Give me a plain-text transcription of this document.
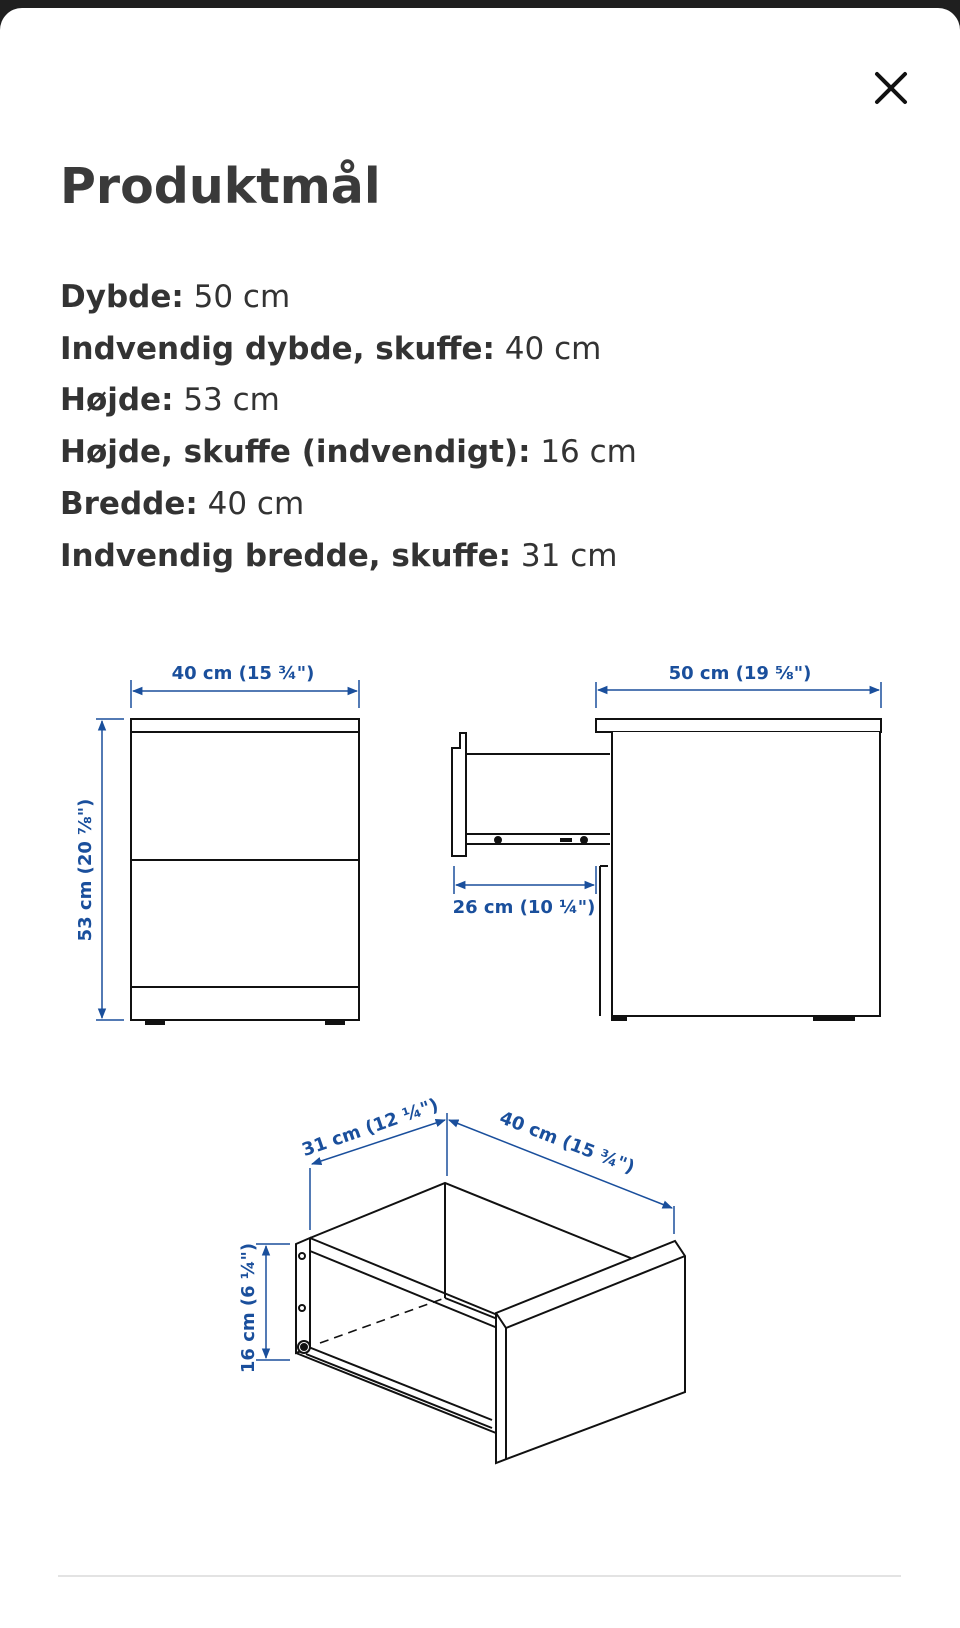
Produktmål
Dybde: 50 cm
Indvendig dybde, skuffe: 40 cm
Højde: 53 cm
Højde, skuffe (indvendigt): 16 cm
Bredde: 40 cm
Indvendig bredde, skuffe: 31 cm
40 cm (15 ¾")
53 cm (20 ⅞")
50 cm (19 ⅝")
26 cm (10 ¼")
31 cm (12 ¼")	40 cm (15 ¾")
16 cm (6 ¼")
